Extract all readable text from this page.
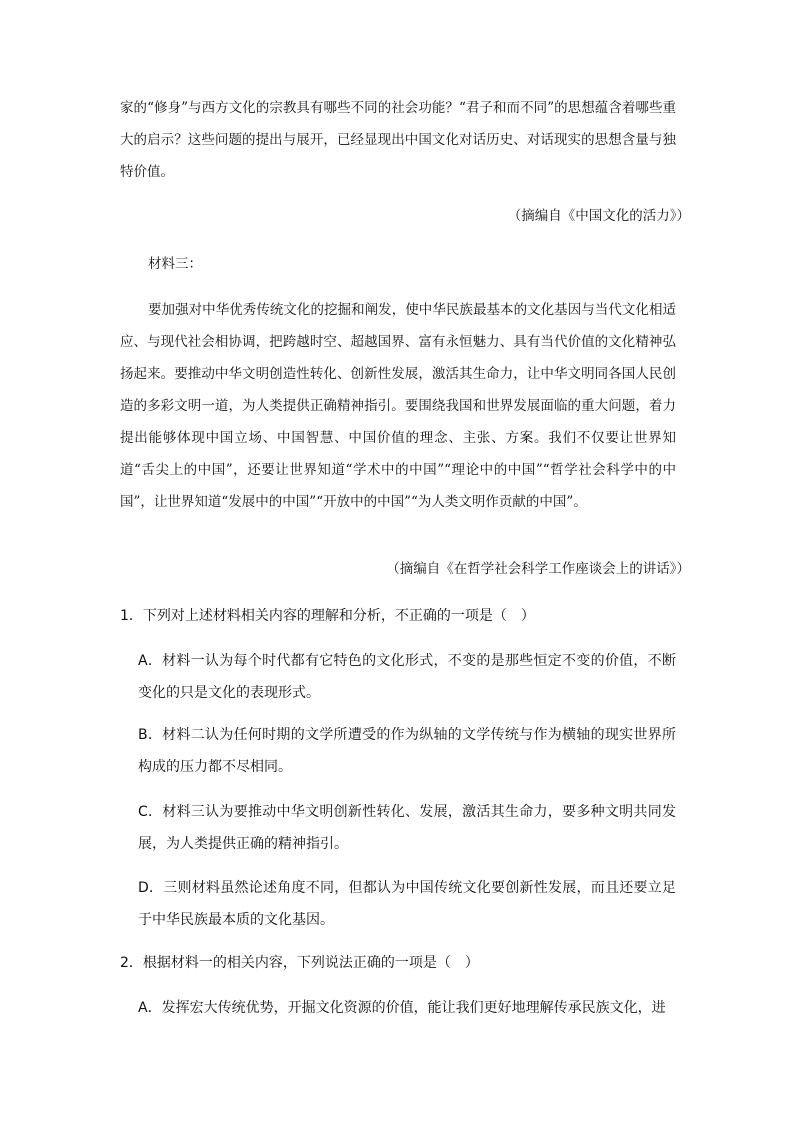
家的“修身”与西方文化的宗教具有哪些不同的社会功能？“君子和而不同”的思想蕴含着哪些重大的启示？这些问题的提出与展开，已经显现出中国文化对话历史、对话现实的思想含量与独特价值。

（摘编自《中国文化的活力》）

材料三：

要加强对中华优秀传统文化的挖掘和阐发，使中华民族最基本的文化基因与当代文化相适应、与现代社会相协调，把跨越时空、超越国界、富有永恒魅力、具有当代价值的文化精神弘扬起来。要推动中华文明创造性转化、创新性发展，激活其生命力，让中华文明同各国人民创造的多彩文明一道，为人类提供正确精神指引。要围绕我国和世界发展面临的重大问题，着力提出能够体现中国立场、中国智慧、中国价值的理念、主张、方案。我们不仅要让世界知道“舌尖上的中国”，还要让世界知道“学术中的中国”“理论中的中国”“哲学社会科学中的中国”，让世界知道“发展中的中国”“开放中的中国”“为人类文明作贡献的中国”。

（摘编自《在哲学社会科学工作座谈会上的讲话》）

1．下列对上述材料相关内容的理解和分析，不正确的一项是（　）

A．材料一认为每个时代都有它特色的文化形式，不变的是那些恒定不变的价值，不断变化的只是文化的表现形式。

B．材料二认为任何时期的文学所遭受的作为纵轴的文学传统与作为横轴的现实世界所构成的压力都不尽相同。

C．材料三认为要推动中华文明创新性转化、发展，激活其生命力，要多种文明共同发展，为人类提供正确的精神指引。

D．三则材料虽然论述角度不同，但都认为中国传统文化要创新性发展，而且还要立足于中华民族最本质的文化基因。

2．根据材料一的相关内容，下列说法正确的一项是（　）

A．发挥宏大传统优势，开掘文化资源的价值，能让我们更好地理解传承民族文化，进
